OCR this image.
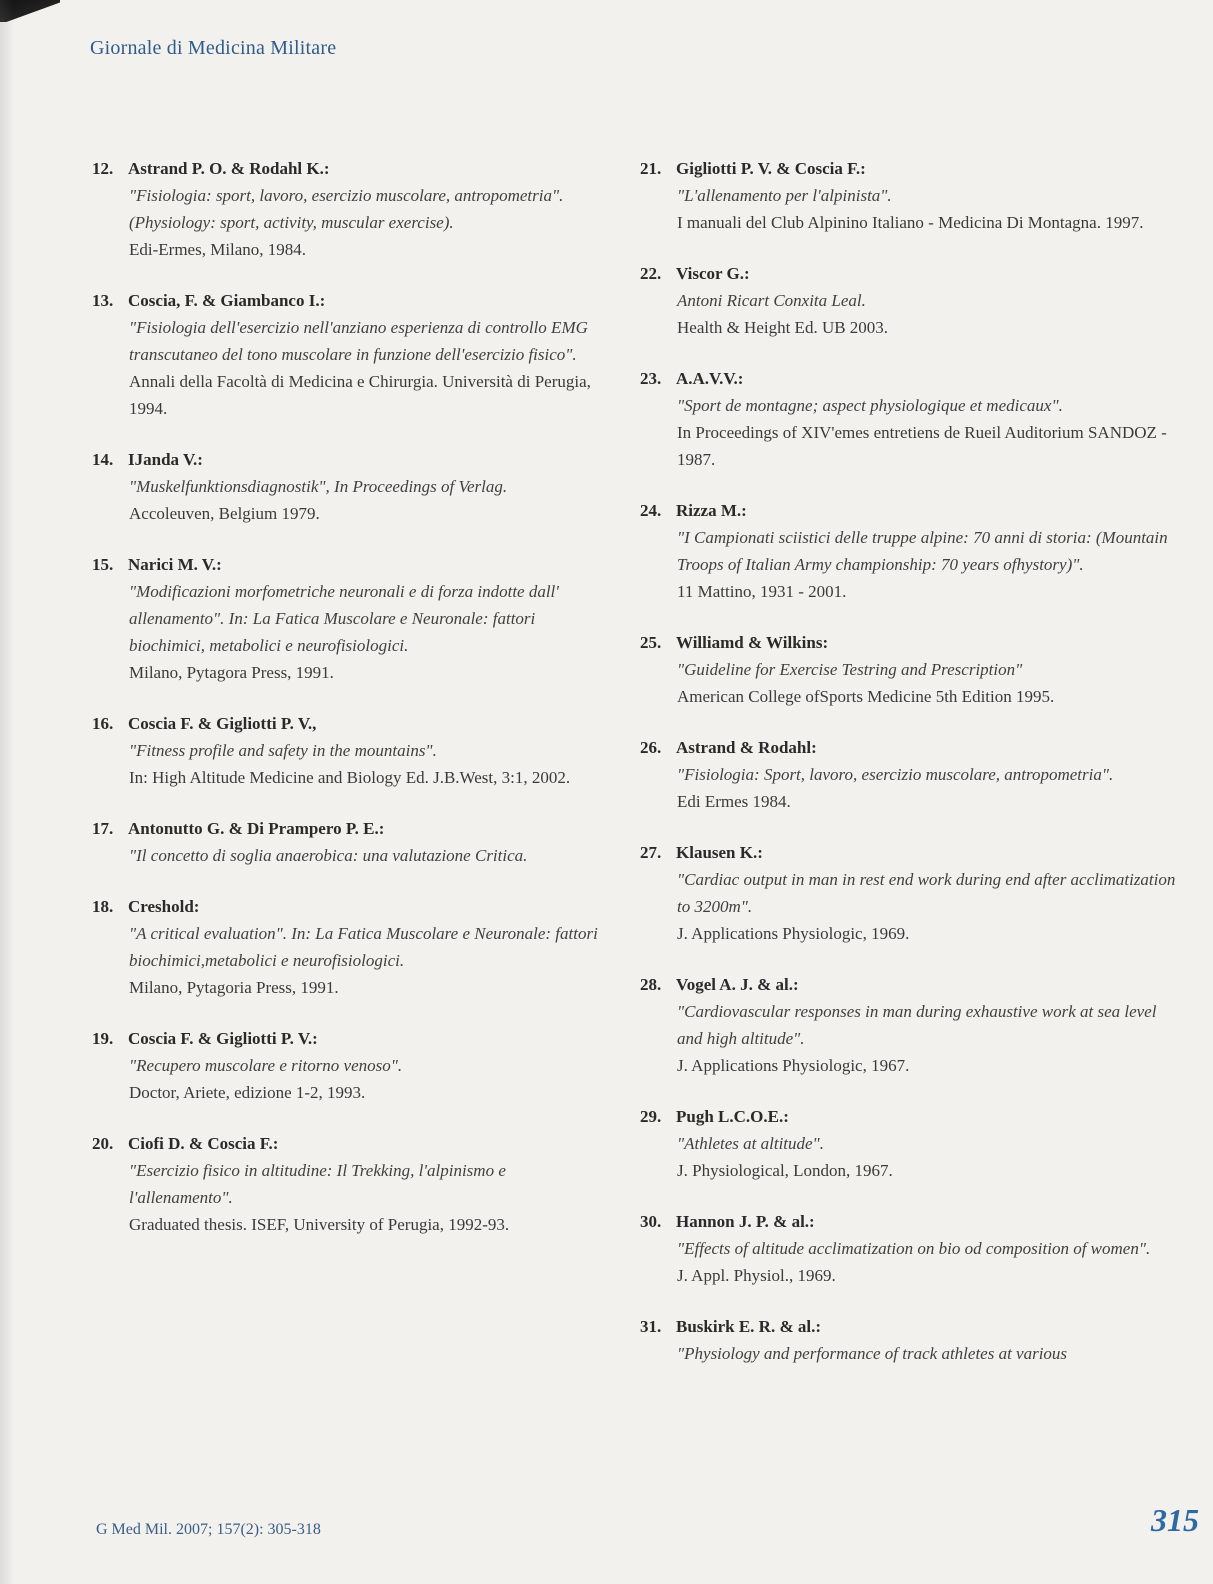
Giornale di Medicina Militare
12. Astrand P. O. & Rodahl K.:
"Fisiologia: sport, lavoro, esercizio muscolare, antropometria". (Physiology: sport, activity, muscular exercise).
Edi-Ermes, Milano, 1984.
13. Coscia, F. & Giambanco I.:
"Fisiologia dell'esercizio nell'anziano esperienza di controllo EMG transcutaneo del tono muscolare in funzione dell'esercizio fisico".
Annali della Facoltà di Medicina e Chirurgia. Università di Perugia, 1994.
14. IJanda V.:
"Muskelfunktionsdiagnostik", In Proceedings of Verlag.
Accoleuven, Belgium 1979.
15. Narici M. V.:
"Modificazioni morfometriche neuronali e di forza indotte dall' allenamento". In: La Fatica Muscolare e Neuronale: fattori biochimici, metabolici e neurofisiologici.
Milano, Pytagora Press, 1991.
16. Coscia F. & Gigliotti P. V.,
"Fitness profile and safety in the mountains".
In: High Altitude Medicine and Biology Ed. J.B.West, 3:1, 2002.
17. Antonutto G. & Di Prampero P. E.:
"Il concetto di soglia anaerobica: una valutazione Critica.
18. Creshold:
"A critical evaluation". In: La Fatica Muscolare e Neuronale: fattori biochimici,metabolici e neurofisiologici.
Milano, Pytagoria Press, 1991.
19. Coscia F. & Gigliotti P. V.:
"Recupero muscolare e ritorno venoso".
Doctor, Ariete, edizione 1-2, 1993.
20. Ciofi D. & Coscia F.:
"Esercizio fisico in altitudine: Il Trekking, l'alpinismo e l'allenamento".
Graduated thesis. ISEF, University of Perugia, 1992-93.
21. Gigliotti P. V. & Coscia F.:
"L'allenamento per l'alpinista".
I manuali del Club Alpinino Italiano - Medicina Di Montagna. 1997.
22. Viscor G.:
Antoni Ricart Conxita Leal.
Health & Height Ed. UB 2003.
23. A.A.V.V.:
"Sport de montagne; aspect physiologique et medicaux".
In Proceedings of XIV'emes entretiens de Rueil Auditorium SANDOZ - 1987.
24. Rizza M.:
"I Campionati sciistici delle truppe alpine: 70 anni di storia: (Mountain Troops of Italian Army championship: 70 years ofhystory)".
11 Mattino, 1931 - 2001.
25. Williamd & Wilkins:
"Guideline for Exercise Testring and Prescription"
American College ofSports Medicine 5th Edition 1995.
26. Astrand & Rodahl:
"Fisiologia: Sport, lavoro, esercizio muscolare, antropometria".
Edi Ermes 1984.
27. Klausen K.:
"Cardiac output in man in rest end work during end after acclimatization to 3200m".
J. Applications Physiologic, 1969.
28. Vogel A. J. & al.:
"Cardiovascular responses in man during exhaustive work at sea level and high altitude".
J. Applications Physiologic, 1967.
29. Pugh L.C.O.E.:
"Athletes at altitude".
J. Physiological, London, 1967.
30. Hannon J. P. & al.:
"Effects of altitude acclimatization on bio od composition of women".
J. Appl. Physiol., 1969.
31. Buskirk E. R. & al.:
"Physiology and performance of track athletes at various
G Med Mil. 2007; 157(2): 305-318	315
